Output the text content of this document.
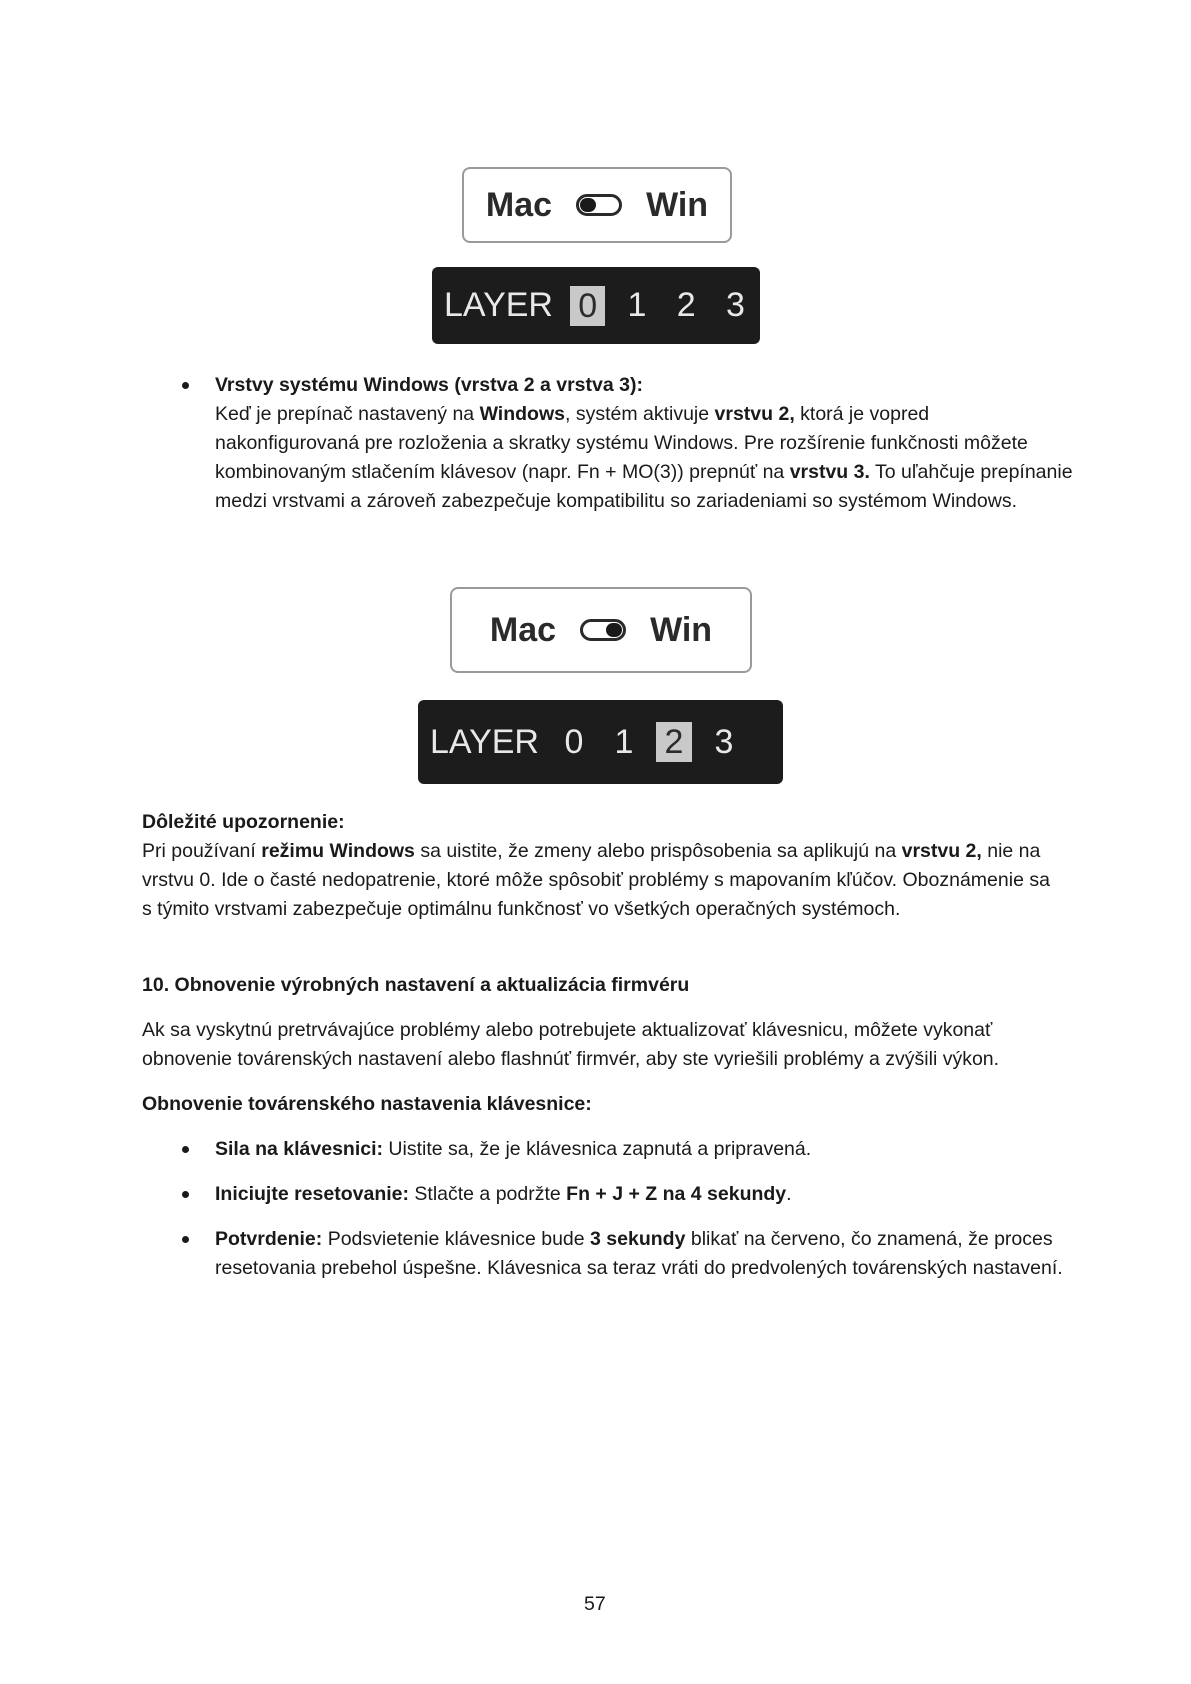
Mac	Win
LAYER 0 1 2 3
Vrstvy systému Windows (vrstva 2 a vrstva 3):
Keď je prepínač nastavený na Windows, systém aktivuje vrstvu 2, ktorá je vopred nakonfigurovaná pre rozloženia a skratky systému Windows. Pre rozšírenie funkčnosti môžete kombinovaným stlačením klávesov (napr. Fn + MO(3)) prepnúť na vrstvu 3. To uľahčuje prepínanie medzi vrstvami a zároveň zabezpečuje kompatibilitu so zariadeniami so systémom Windows.
Mac	Win
LAYER 0 1 2 3
Dôležité upozornenie:
Pri používaní režimu Windows sa uistite, že zmeny alebo prispôsobenia sa aplikujú na vrstvu 2, nie na vrstvu 0. Ide o časté nedopatrenie, ktoré môže spôsobiť problémy s mapovaním kľúčov. Oboznámenie sa s týmito vrstvami zabezpečuje optimálnu funkčnosť vo všetkých operačných systémoch.
10. Obnovenie výrobných nastavení a aktualizácia firmvéru
Ak sa vyskytnú pretrvávajúce problémy alebo potrebujete aktualizovať klávesnicu, môžete vykonať obnovenie továrenských nastavení alebo flashnúť firmvér, aby ste vyriešili problémy a zvýšili výkon.
Obnovenie továrenského nastavenia klávesnice:
Sila na klávesnici: Uistite sa, že je klávesnica zapnutá a pripravená.
Iniciujte resetovanie: Stlačte a podržte Fn + J + Z na 4 sekundy.
Potvrdenie: Podsvietenie klávesnice bude 3 sekundy blikať na červeno, čo znamená, že proces resetovania prebehol úspešne. Klávesnica sa teraz vráti do predvolených továrenských nastavení.
57
